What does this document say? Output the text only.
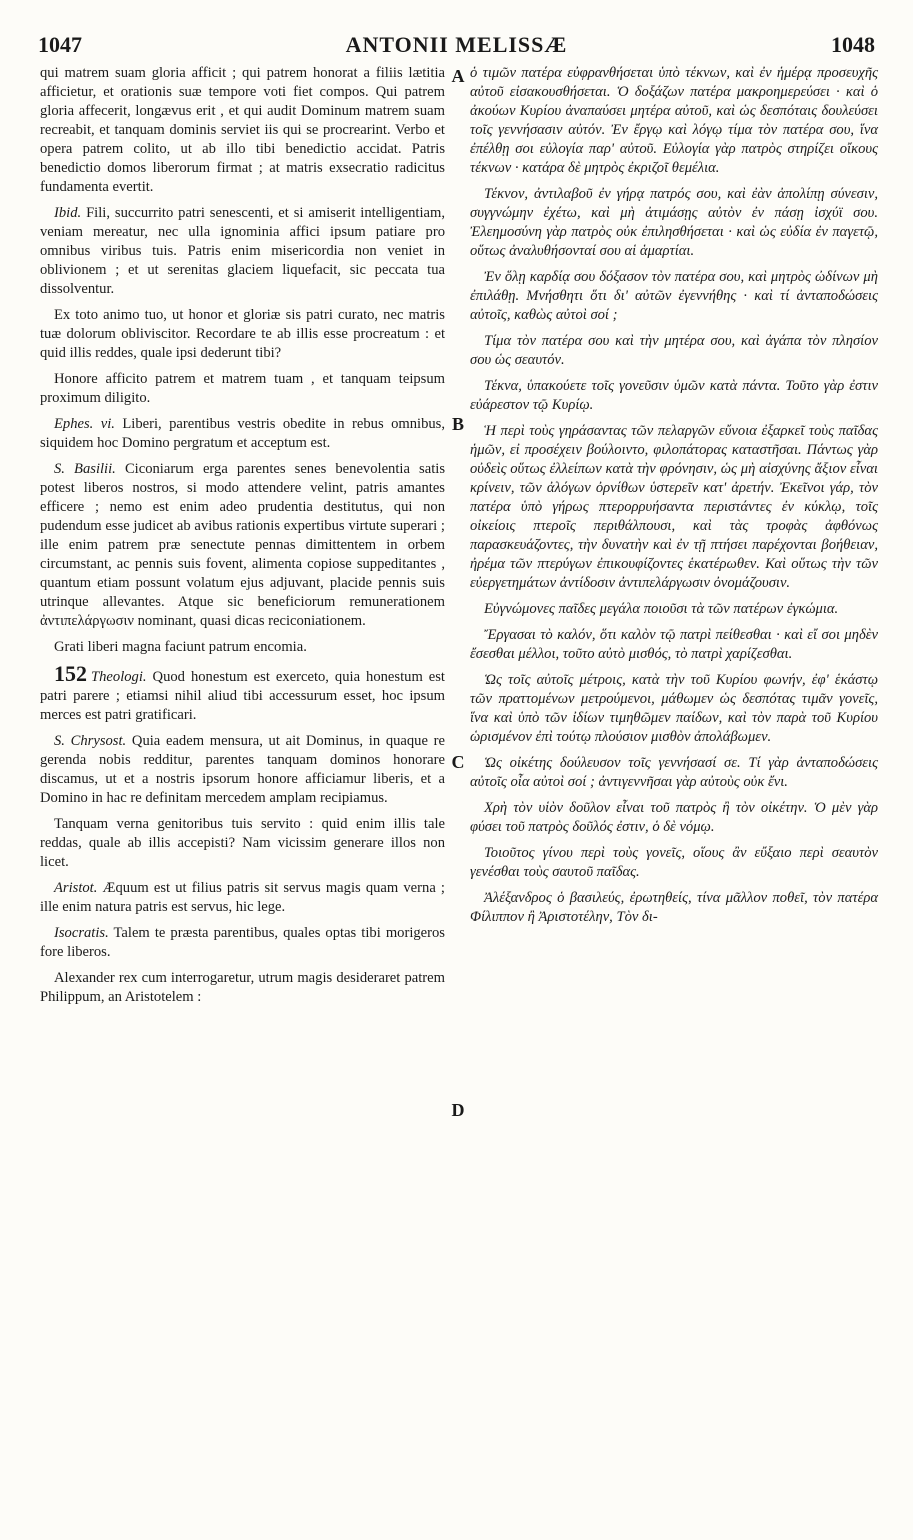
1047	ANTONII MELISSÆ	1048

qui matrem suam gloria afficit ; qui patrem honorat a filiis lætitia afficietur, et orationis suæ tempore voti fiet compos. Qui patrem gloria affecerit, longævus erit , et qui audit Dominum matrem suam recreabit, et tanquam dominis serviet iis qui se procrearint. Verbo et opera patrem colito, ut ab illo tibi benedictio accidat. Patris benedictio domos liberorum firmat ; at matris exsecratio radicitus fundamenta evertit.

Ibid. Fili, succurrito patri senescenti, et si amiserit intelligentiam, veniam mereatur, nec ulla ignominia affici ipsum patiare pro omnibus viribus tuis. Patris enim misericordia non veniet in oblivionem ; et ut serenitas glaciem liquefacit, sic peccata tua dissolventur.

Ex toto animo tuo, ut honor et gloriæ sis patri curato, nec matris tuæ dolorum obliviscitor. Recordare te ab illis esse procreatum : et quid illis reddes, quale ipsi dederunt tibi?

Honore afficito patrem et matrem tuam , et tanquam teipsum proximum diligito.

Ephes. vi. Liberi, parentibus vestris obedite in rebus omnibus, siquidem hoc Domino pergratum et acceptum est.

S. Basilii. Ciconiarum erga parentes senes benevolentia satis potest liberos nostros, si modo attendere velint, patris amantes efficere ; nemo est enim adeo prudentia destitutus, qui non pudendum esse judicet ab avibus rationis expertibus virtute superari ; ille enim patrem præ senectute pennas dimittentem in orbem circumstant, ac pennis suis fovent, alimenta copiose suppeditantes , quantum etiam possunt volatum ejus adjuvant, placide pennis suis utrinque allevantes. Atque sic beneficiorum remunerationem ἀντιπελάργωσιν nominant, quasi dicas reciconiationem.

Grati liberi magna faciunt patrum encomia.

152 Theologi. Quod honestum est exerceto, quia honestum est patri parere ; etiamsi nihil aliud tibi accessurum esset, hoc ipsum merces est patri gratificari.

S. Chrysost. Quia eadem mensura, ut ait Dominus, in quaque re gerenda nobis redditur, parentes tanquam dominos honorare discamus, ut et a nostris ipsorum honore afficiamur liberis, et a Domino in hac re definitam mercedem amplam recipiamus.

Tanquam verna genitoribus tuis servito : quid enim illis tale reddas, quale ab illis accepisti? Nam vicissim generare illos non licet.

Aristot. Æquum est ut filius patris sit servus magis quam verna ; ille enim natura patris est servus, hic lege.

Isocratis. Talem te præsta parentibus, quales optas tibi morigeros fore liberos.

Alexander rex cum interrogaretur, utrum magis desideraret patrem Philippum, an Aristotelem :

A
B
C
D

ὁ τιμῶν πατέρα εὐφρανθήσεται ὑπὸ τέκνων, καὶ ἐν ἡμέρᾳ προσευχῆς αὐτοῦ εἰσακουσθήσεται. Ὁ δοξάζων πατέρα μακροημερεύσει · καὶ ὁ ἀκούων Κυρίου ἀναπαύσει μητέρα αὐτοῦ, καὶ ὡς δεσπόταις δουλεύσει τοῖς γεννήσασιν αὐτόν. Ἐν ἔργῳ καὶ λόγῳ τίμα τὸν πατέρα σου, ἵνα ἐπέλθῃ σοι εὐλογία παρ' αὐτοῦ. Εὐλογία γὰρ πατρὸς στηρίζει οἴκους τέκνων · κατάρα δὲ μητρὸς ἐκριζοῖ θεμέλια.

Τέκνον, ἀντιλαβοῦ ἐν γήρᾳ πατρός σου, καὶ ἐὰν ἀπολίπῃ σύνεσιν, συγγνώμην ἐχέτω, καὶ μὴ ἀτιμάσῃς αὐτὸν ἐν πάσῃ ἰσχύϊ σου. Ἐλεημοσύνη γὰρ πατρὸς οὐκ ἐπιλησθήσεται · καὶ ὡς εὐδία ἐν παγετῷ, οὕτως ἀναλυθήσονταί σου αἱ ἁμαρτίαι.

Ἐν ὅλῃ καρδίᾳ σου δόξασον τὸν πατέρα σου, καὶ μητρὸς ὠδίνων μὴ ἐπιλάθῃ. Μνήσθητι ὅτι δι' αὐτῶν ἐγεννήθης · καὶ τί ἀνταποδώσεις αὐτοῖς, καθὼς αὐτοὶ σοί ;

Τίμα τὸν πατέρα σου καὶ τὴν μητέρα σου, καὶ ἀγάπα τὸν πλησίον σου ὡς σεαυτόν.

Τέκνα, ὑπακούετε τοῖς γονεῦσιν ὑμῶν κατὰ πάντα. Τοῦτο γὰρ ἐστιν εὐάρεστον τῷ Κυρίῳ.

Ἡ περὶ τοὺς γηράσαντας τῶν πελαργῶν εὔνοια ἐξαρκεῖ τοὺς παῖδας ἡμῶν, εἰ προσέχειν βούλοιντο, φιλοπάτορας καταστῆσαι. Πάντως γὰρ οὐδεὶς οὕτως ἐλλείπων κατὰ τὴν φρόνησιν, ὡς μὴ αἰσχύνης ἄξιον εἶναι κρίνειν, τῶν ἀλόγων ὀρνίθων ὑστερεῖν κατ' ἀρετήν. Ἐκεῖνοι γάρ, τὸν πατέρα ὑπὸ γήρως πτερορρυήσαντα περιστάντες ἐν κύκλῳ, τοῖς οἰκείοις πτεροῖς περιθάλπουσι, καὶ τὰς τροφὰς ἀφθόνως παρασκευάζοντες, τὴν δυνατὴν καὶ ἐν τῇ πτήσει παρέχονται βοήθειαν, ἠρέμα τῶν πτερύγων ἐπικουφίζοντες ἑκατέρωθεν. Καὶ οὕτως τὴν τῶν εὐεργετημάτων ἀντίδοσιν ἀντιπελάργωσιν ὀνομάζουσιν.

Εὐγνώμονες παῖδες μεγάλα ποιοῦσι τὰ τῶν πατέρων ἐγκώμια.

Ἔργασαι τὸ καλόν, ὅτι καλὸν τῷ πατρὶ πείθεσθαι · καὶ εἴ σοι μηδὲν ἔσεσθαι μέλλοι, τοῦτο αὐτὸ μισθός, τὸ πατρὶ χαρίζεσθαι.

Ὡς τοῖς αὐτοῖς μέτροις, κατὰ τὴν τοῦ Κυρίου φωνήν, ἐφ' ἑκάστῳ τῶν πραττομένων μετρούμενοι, μάθωμεν ὡς δεσπότας τιμᾶν γονεῖς, ἵνα καὶ ὑπὸ τῶν ἰδίων τιμηθῶμεν παίδων, καὶ τὸν παρὰ τοῦ Κυρίου ὡρισμένον ἐπὶ τούτῳ πλούσιον μισθὸν ἀπολάβωμεν.

Ὡς οἰκέτης δούλευσον τοῖς γεννήσασί σε. Τί γὰρ ἀνταποδώσεις αὐτοῖς οἷα αὐτοὶ σοί ; ἀντιγεννῆσαι γὰρ αὐτοὺς οὐκ ἔνι.

Χρὴ τὸν υἱὸν δοῦλον εἶναι τοῦ πατρὸς ἢ τὸν οἰκέτην. Ὁ μὲν γὰρ φύσει τοῦ πατρὸς δοῦλός ἐστιν, ὁ δὲ νόμῳ.

Τοιοῦτος γίνου περὶ τοὺς γονεῖς, οἵους ἂν εὔξαιο περὶ σεαυτὸν γενέσθαι τοὺς σαυτοῦ παῖδας.

Ἀλέξανδρος ὁ βασιλεύς, ἐρωτηθείς, τίνα μᾶλλον ποθεῖ, τὸν πατέρα Φίλιππον ἢ Ἀριστοτέλην, Τὸν δι-
